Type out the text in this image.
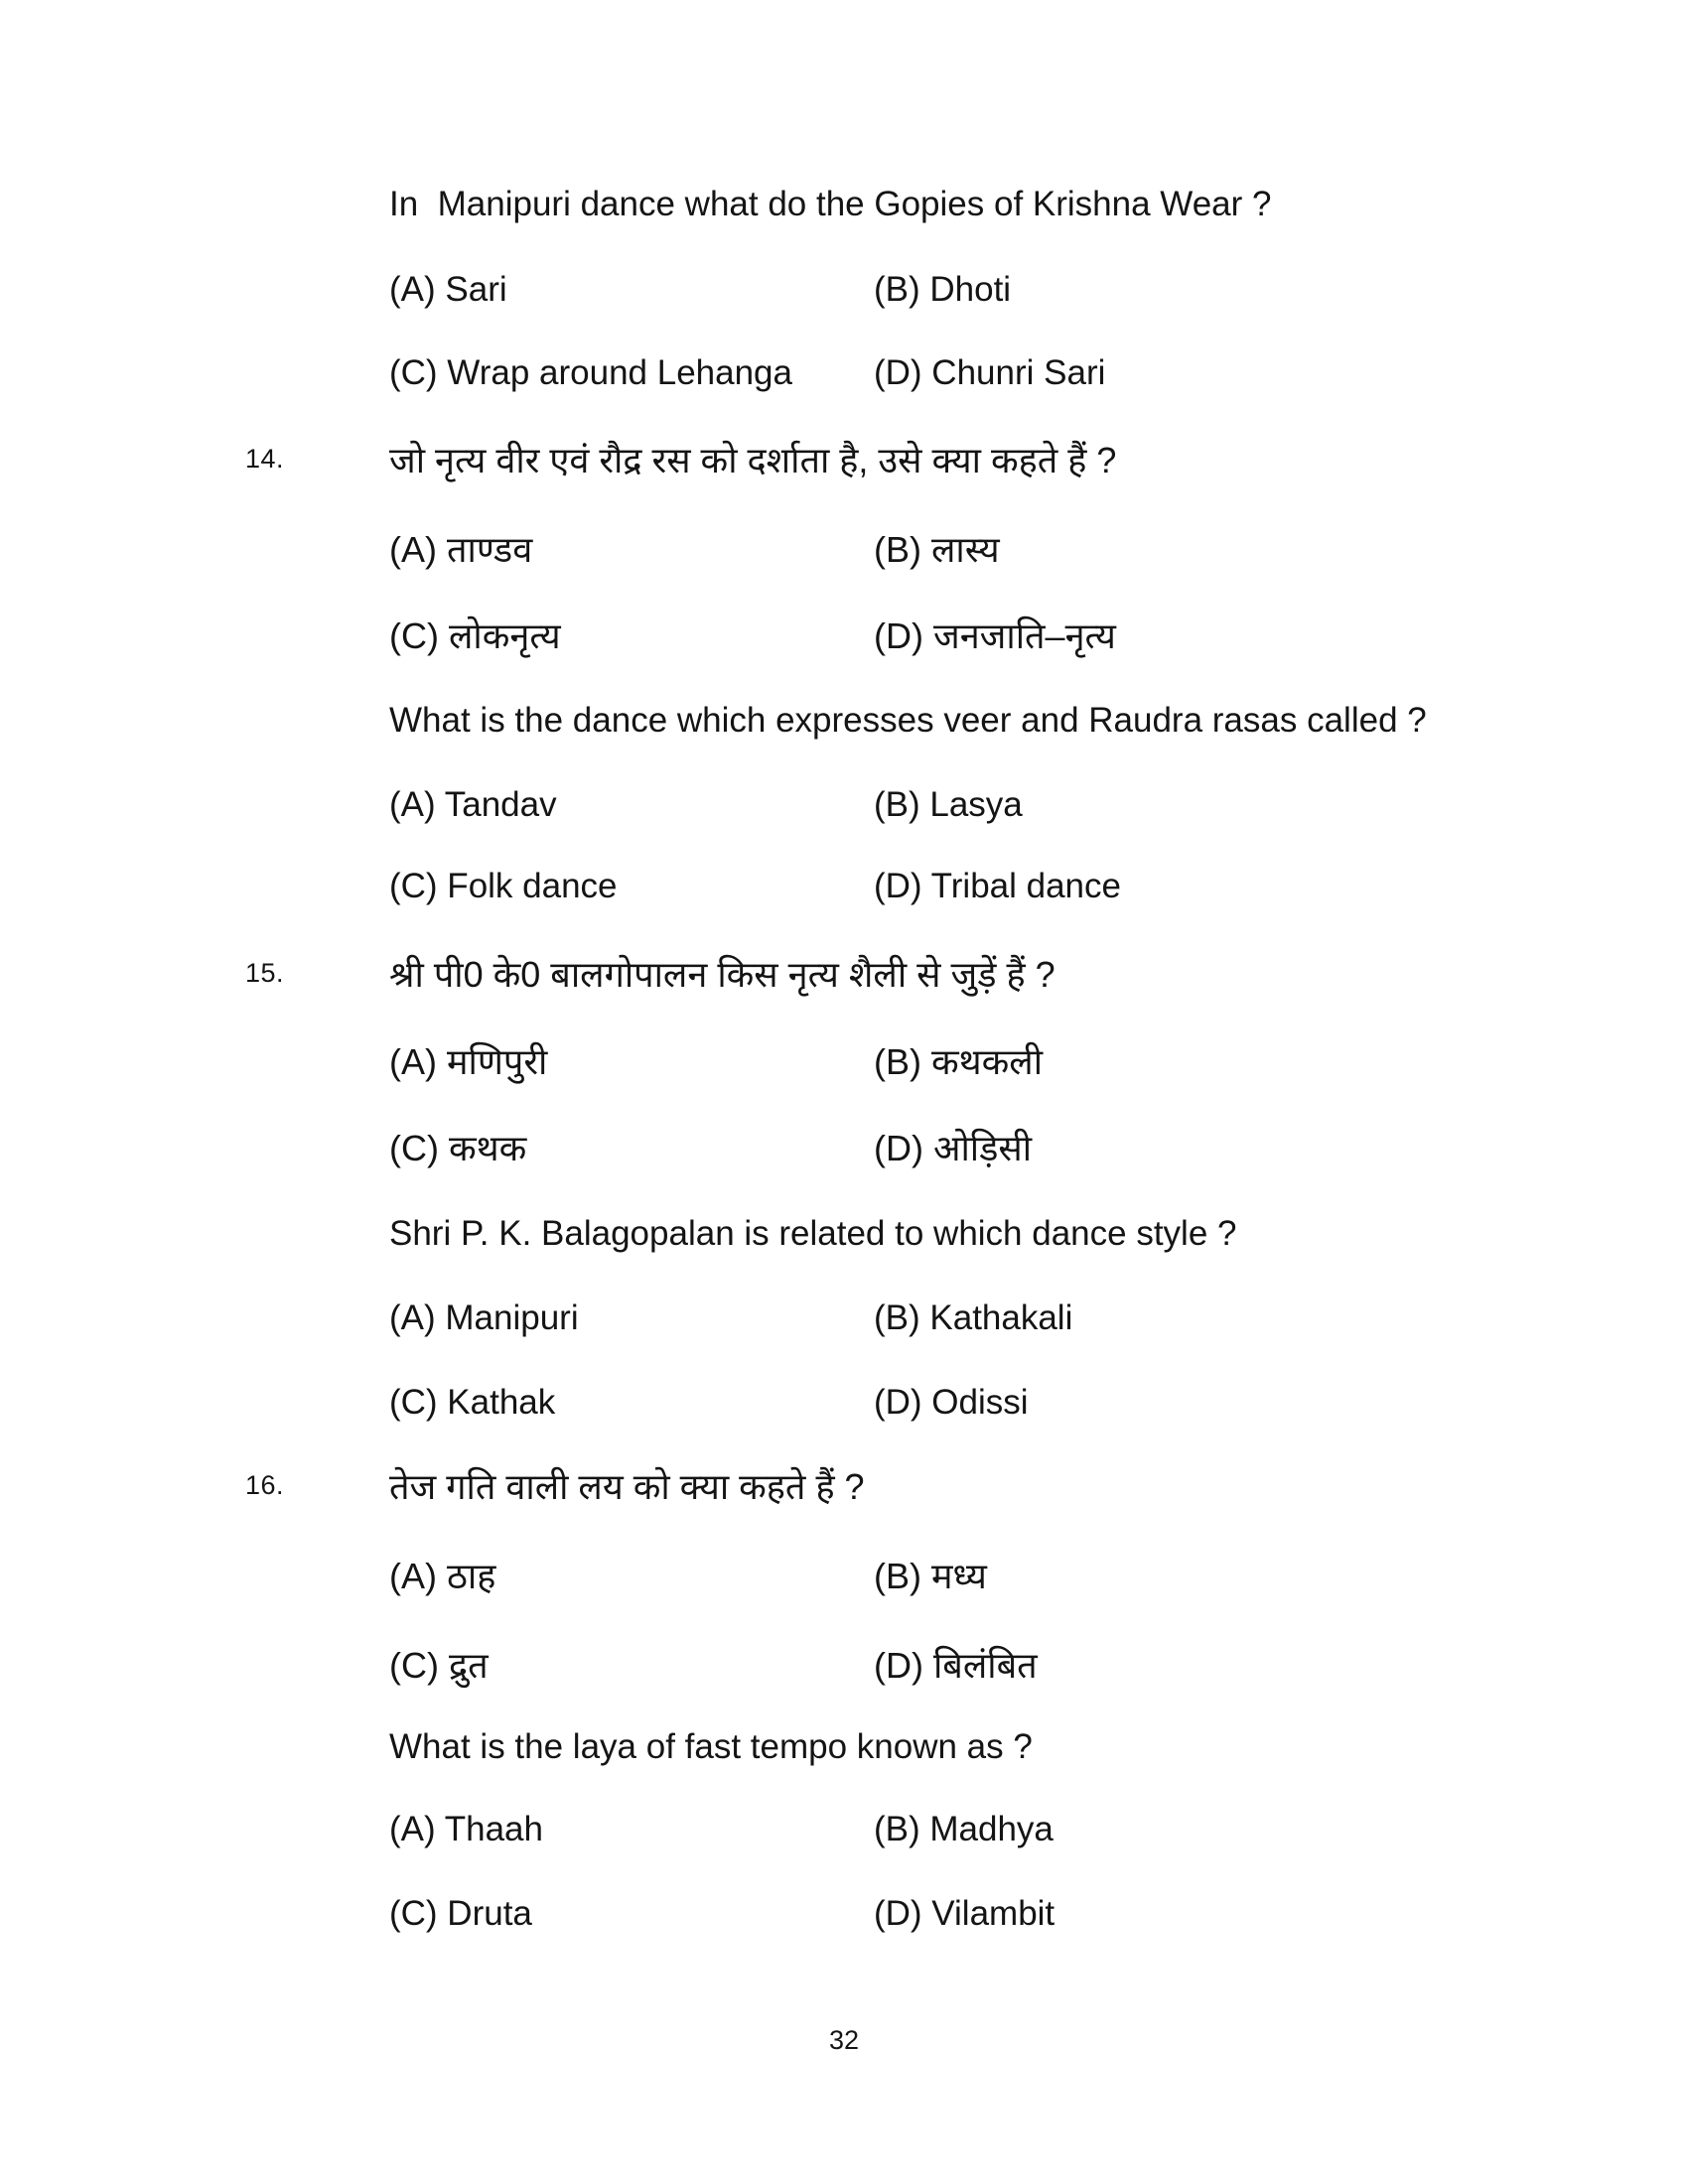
In  Manipuri dance what do the Gopies of Krishna Wear ?
(A) Sari	(B) Dhoti
(C) Wrap around Lehanga (D) Chunri Sari
14.	जो नृत्य वीर एवं रौद्र रस को दर्शाता है, उसे क्या कहते हैं ?
(A) ताण्डव	(B) लास्य
(C) लोकनृत्य	(D) जनजाति–नृत्य
What is the dance which expresses veer and Raudra rasas called ?
(A) Tandav	(B) Lasya
(C) Folk dance	(D) Tribal dance
15.	श्री पी0 के0 बालगोपालन किस नृत्य शैली से जुड़ें हैं ?
(A) मणिपुरी	(B) कथकली
(C) कथक	(D) ओड़िसी
Shri P. K. Balagopalan is related to which dance style ?
(A) Manipuri	(B) Kathakali
(C) Kathak	(D) Odissi
16.	तेज गति वाली लय को क्या कहते हैं ?
(A) ठाह	(B) मध्य
(C) द्रुत	(D) बिलंबित
What is the laya of fast tempo known as ?
(A) Thaah	(B) Madhya
(C) Druta	(D) Vilambit
32
